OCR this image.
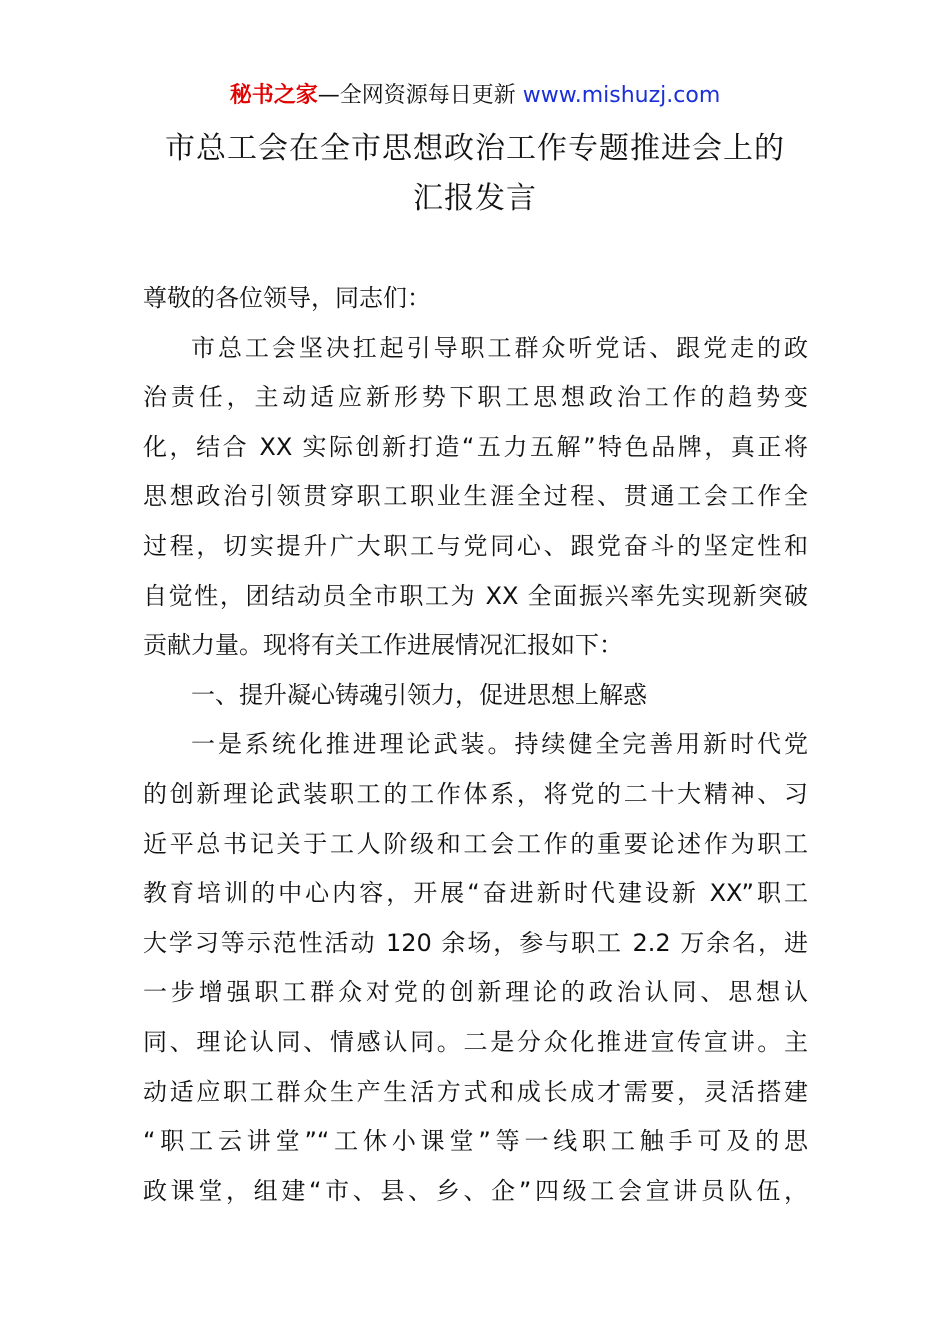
秘书之家—全网资源每日更新 www.mishuzj.com
市总工会在全市思想政治工作专题推进会上的
汇报发言
尊敬的各位领导，同志们：
市总工会坚决扛起引导职工群众听党话、跟党走的政
治责任，主动适应新形势下职工思想政治工作的趋势变
化，结合 XX 实际创新打造“五力五解”特色品牌，真正将
思想政治引领贯穿职工职业生涯全过程、贯通工会工作全
过程，切实提升广大职工与党同心、跟党奋斗的坚定性和
自觉性，团结动员全市职工为 XX 全面振兴率先实现新突破
贡献力量。现将有关工作进展情况汇报如下：
一、提升凝心铸魂引领力，促进思想上解惑
一是系统化推进理论武装。持续健全完善用新时代党
的创新理论武装职工的工作体系，将党的二十大精神、习
近平总书记关于工人阶级和工会工作的重要论述作为职工
教育培训的中心内容，开展“奋进新时代建设新 XX”职工
大学习等示范性活动 120 余场，参与职工 2.2 万余名，进
一步增强职工群众对党的创新理论的政治认同、思想认
同、理论认同、情感认同。二是分众化推进宣传宣讲。主
动适应职工群众生产生活方式和成长成才需要，灵活搭建
“职工云讲堂”“工休小课堂”等一线职工触手可及的思
政课堂，组建“市、县、乡、企”四级工会宣讲员队伍，
